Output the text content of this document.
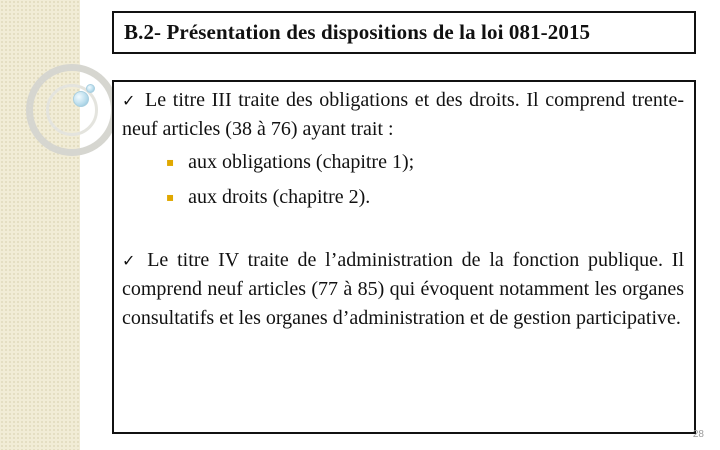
B.2- Présentation des dispositions de la loi 081-2015

✓ Le titre III traite des obligations et des droits. Il comprend trente-neuf articles (38 à 76) ayant trait :

▪ aux obligations (chapitre 1);
▪ aux droits (chapitre 2).

✓ Le titre IV traite de l’administration de la fonction publique. Il comprend neuf articles (77 à 85) qui évoquent notamment les organes consultatifs et les organes d’administration et de gestion participative.

28
